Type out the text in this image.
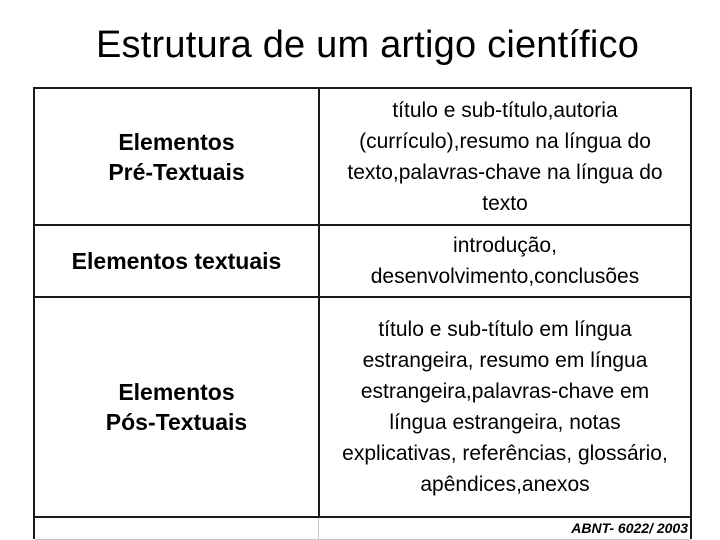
Estrutura de um artigo científico
Elementos
Pré-Textuais
título e sub-título,autoria
(currículo),resumo na língua do
texto,palavras-chave na língua do
texto
Elementos textuais
introdução,
desenvolvimento,conclusões
Elementos
Pós-Textuais
título e sub-título em língua
estrangeira, resumo em língua
estrangeira,palavras-chave em
língua estrangeira, notas
explicativas, referências, glossário,
apêndices,anexos
ABNT- 6022/ 2003
